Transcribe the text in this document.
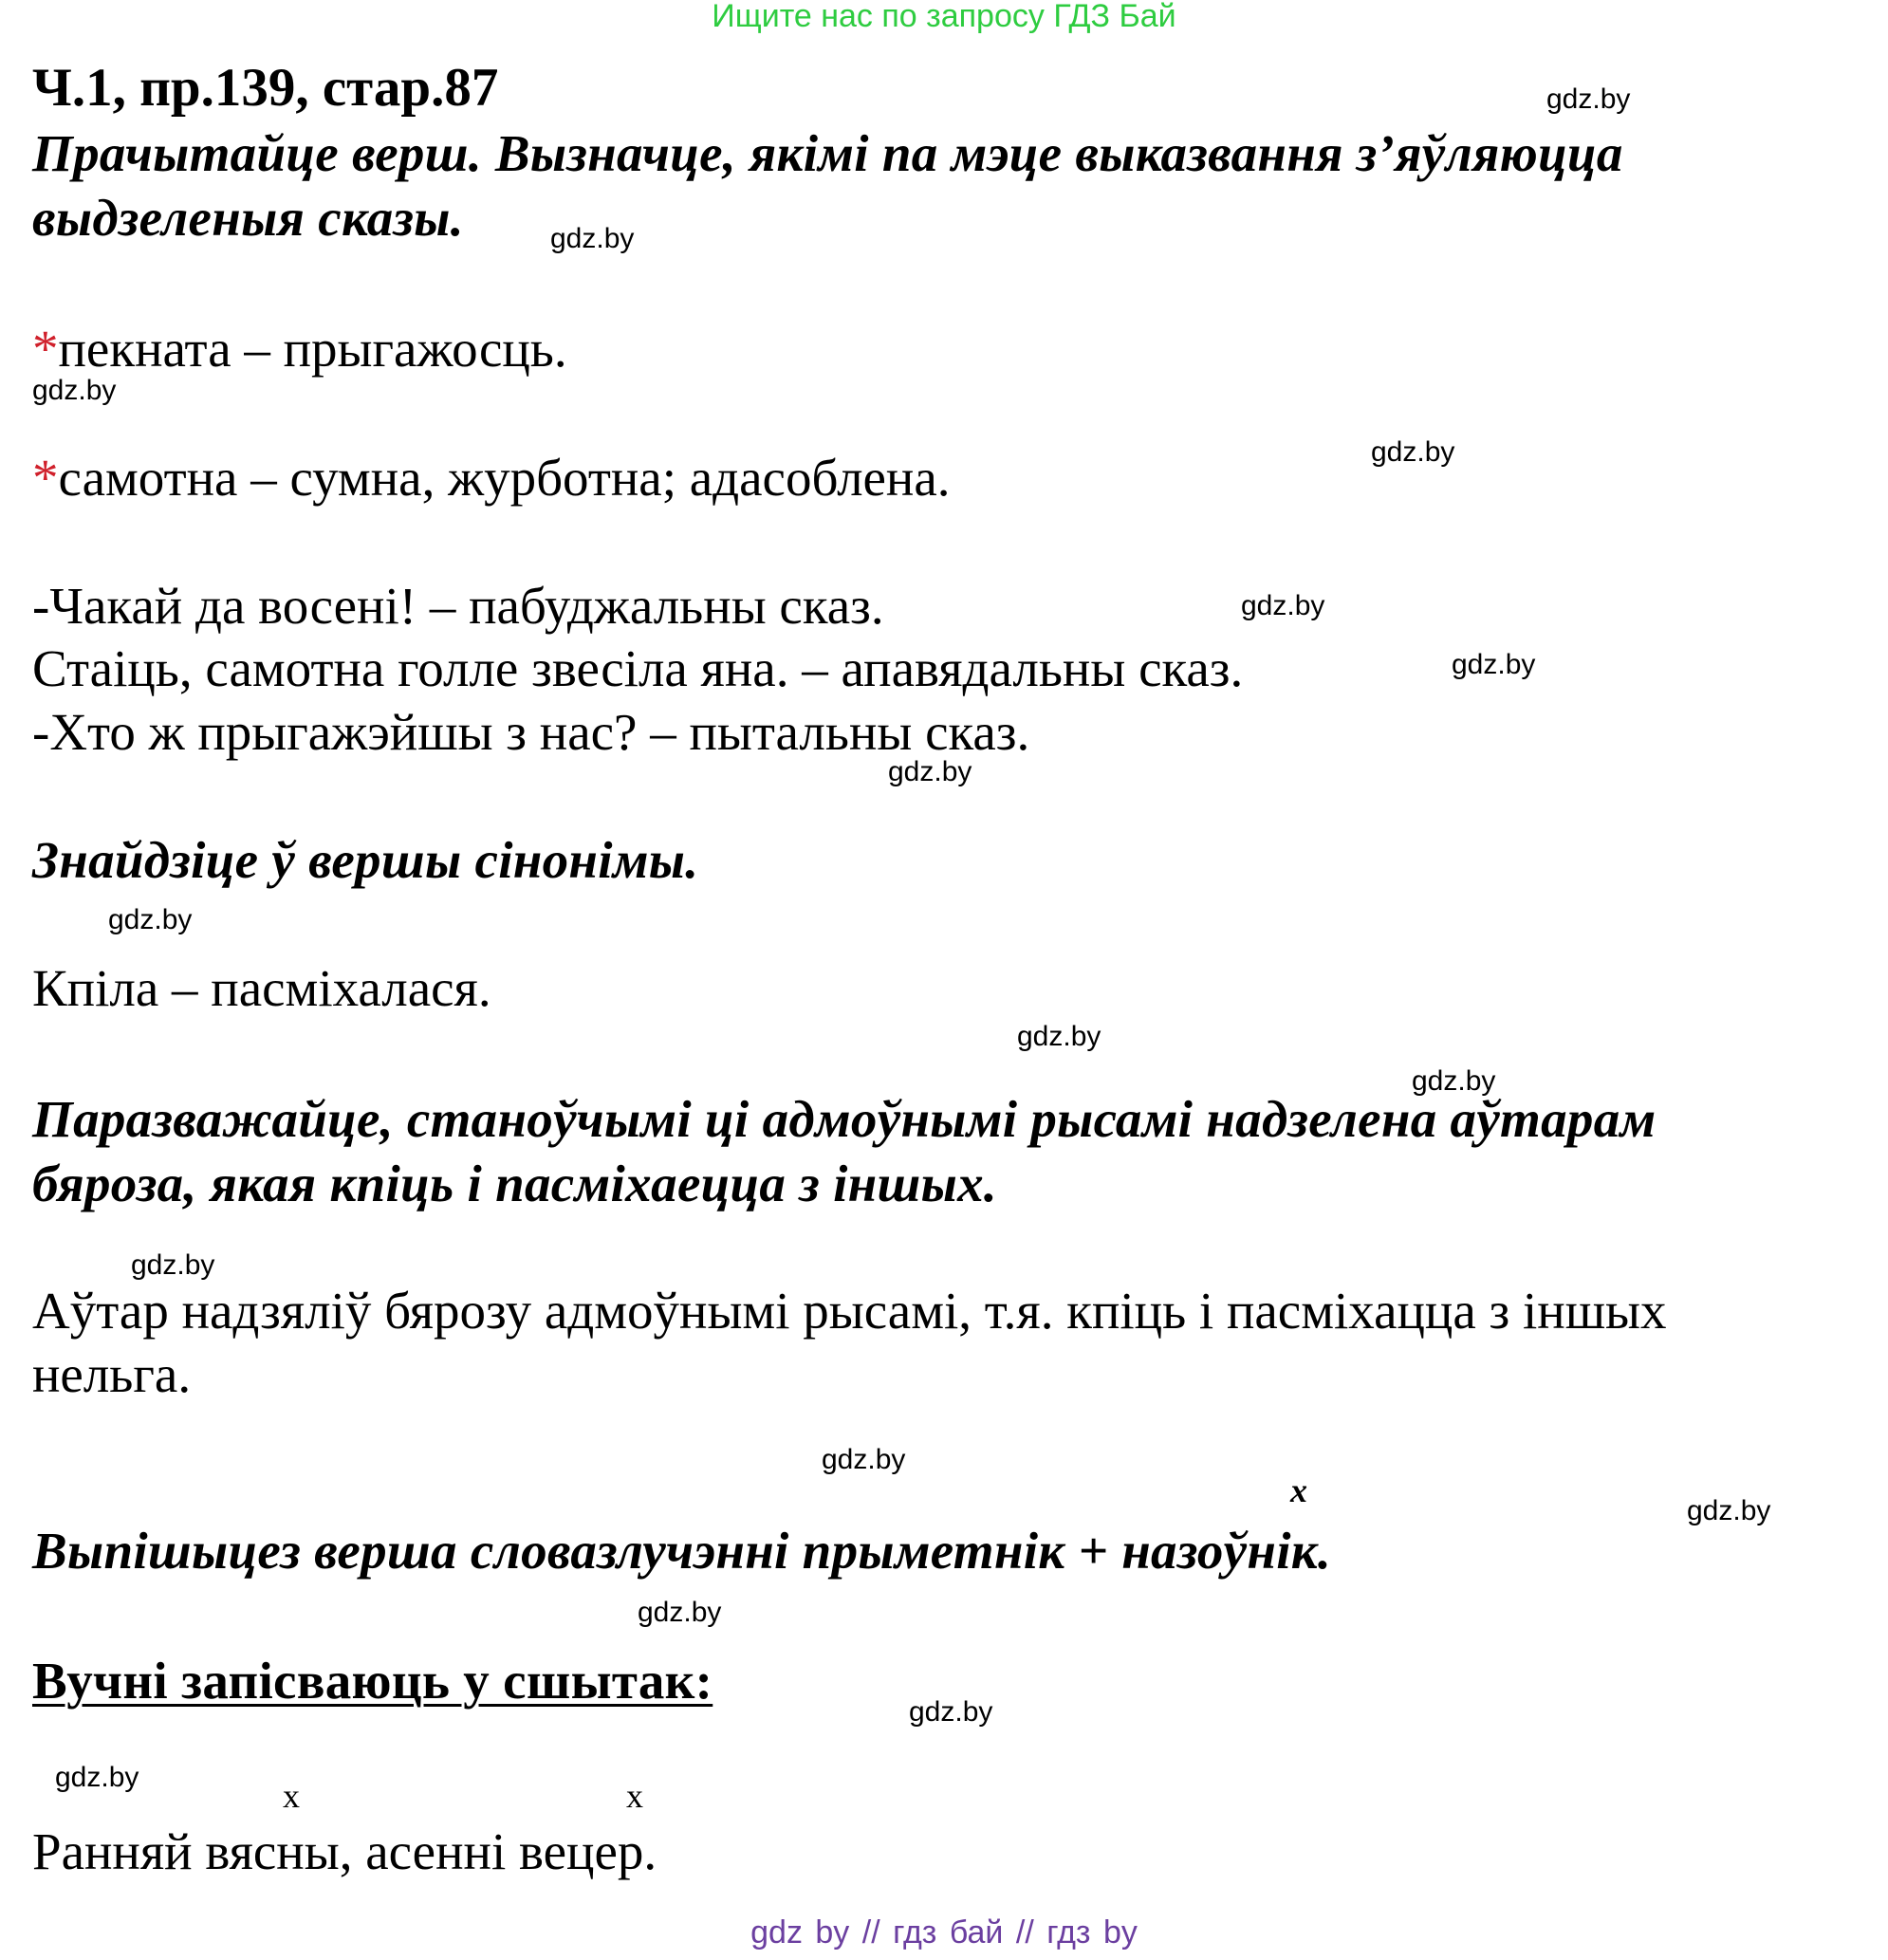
Ищите нас по запросу ГДЗ Бай
Ч.1, пр.139, стар.87
Прачытайце верш. Вызначце, якімі па мэце выказвання з’яўляюцца
выдзеленыя сказы.
*пекната – прыгажосць.
*самотна – сумна, журботна; адасоблена.
-Чакай да восені! – пабуджальны сказ.
Стаіць, самотна голле звесіла яна. – апавядальны сказ.
-Хто ж прыгажэйшы з нас? – пытальны сказ.
Знайдзіце ў вершы сінонімы.
Кпіла – пасміхалася.
Паразважайце, станоўчымі ці адмоўнымі рысамі надзелена аўтарам
бяроза, якая кпіць і пасміхаецца з іншых.
Аўтар надзяліў бярозу адмоўнымі рысамі, т.я. кпіць і пасміхацца з іншых
нельга.
x
Выпішыцез верша словазлучэнні прыметнік + назоўнік.
Вучні запісваюць у сшытак:
x	x
Ранняй вясны, асенні вецер.
gdz.by
gdz.by
gdz.by
gdz.by
gdz.by
gdz.by
gdz.by
gdz.by
gdz.by
gdz.by
gdz.by
gdz.by
gdz.by
gdz.by
gdz.by
gdz.by
gdz by // гдз бай // гдз by
